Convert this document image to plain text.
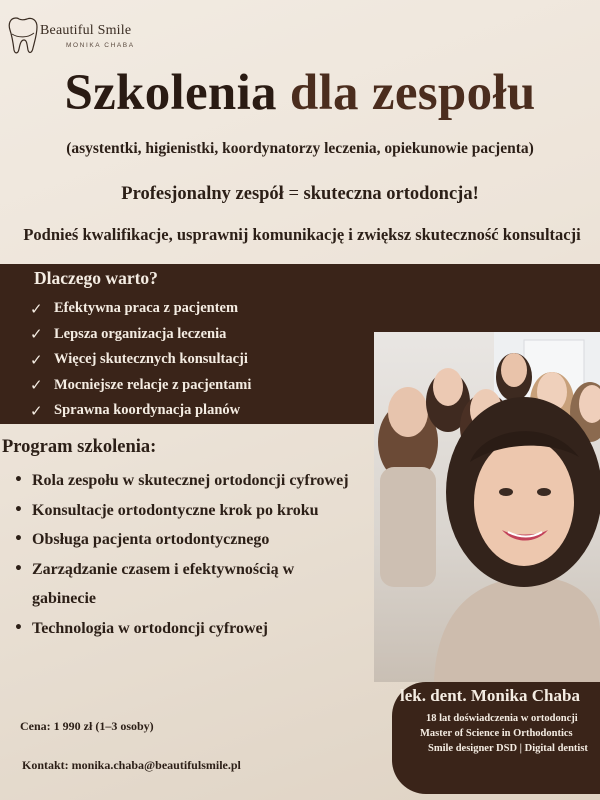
Beautiful Smile
MONIKA CHABA
Szkolenia dla zespołu
(asystentki, higienistki, koordynatorzy leczenia, opiekunowie pacjenta)
Profesjonalny zespół = skuteczna ortodoncja!
Podnieś kwalifikacje, usprawnij komunikację i zwiększ skuteczność konsultacji
Dlaczego warto?
✓ Efektywna praca z pacjentem
✓ Lepsza organizacja leczenia
✓ Więcej skutecznych konsultacji
✓ Mocniejsze relacje z pacjentami
✓ Sprawna koordynacja planów
Program szkolenia:
• Rola zespołu w skutecznej ortodoncji cyfrowej
• Konsultacje ortodontyczne krok po kroku
• Obsługa pacjenta ortodontycznego
• Zarządzanie czasem i efektywnością w gabinecie
• Technologia w ortodoncji cyfrowej
Cena: 1 990 zł (1–3 osoby)
Kontakt: monika.chaba@beautifulsmile.pl
lek. dent. Monika Chaba
18 lat doświadczenia w ortodoncji
Master of Science in Orthodontics
Smile designer DSD | Digital dentist
